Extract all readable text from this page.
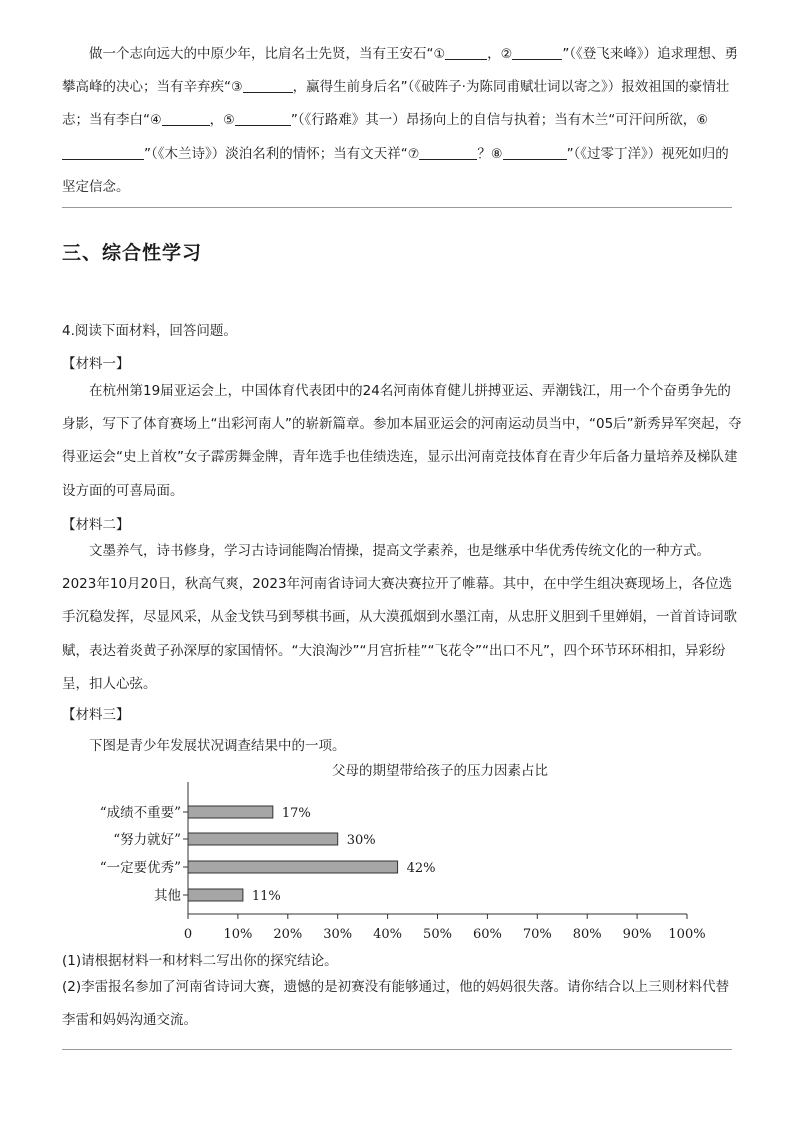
做一个志向远大的中原少年，比肩名士先贤，当有王安石“①	，②	”（《登飞来峰》）追求理想、勇攀高峰的决心；当有辛弃疾“③	，赢得生前身后名”（《破阵子·为陈同甫赋壮词以寄之》）报效祖国的豪情壮志；当有李白“④	，⑤	”（《行路难》其一）昂扬向上的自信与执着；当有木兰“可汗问所欲，⑥”（《木兰诗》）淡泊名利的情怀；当有文天祥“⑦	？⑧	”（《过零丁洋》）视死如归的坚定信念。

三、综合性学习

4.阅读下面材料，回答问题。

【材料一】

在杭州第19届亚运会上，中国体育代表团中的24名河南体育健儿拼搏亚运、弄潮钱江，用一个个奋勇争先的身影，写下了体育赛场上“出彩河南人”的崭新篇章。参加本届亚运会的河南运动员当中，“05后”新秀异军突起，夺得亚运会“史上首枚”女子霹雳舞金牌，青年选手也佳绩迭连，显示出河南竞技体育在青少年后备力量培养及梯队建设方面的可喜局面。

【材料二】

文墨养气，诗书修身，学习古诗词能陶冶情操，提高文学素养，也是继承中华优秀传统文化的一种方式。2023年10月20日，秋高气爽，2023年河南省诗词大赛决赛拉开了帷幕。其中，在中学生组决赛现场上，各位选手沉稳发挥，尽显风采，从金戈铁马到琴棋书画，从大漠孤烟到水墨江南，从忠肝义胆到千里婵娟，一首首诗词歌赋，表达着炎黄子孙深厚的家国情怀。“大浪淘沙”“月宫折桂”“飞花令”“出口不凡”，四个环节环环相扣，异彩纷呈，扣人心弦。

【材料三】

下图是青少年发展状况调查结果中的一项。

父母的期望带给孩子的压力因素占比
0 10% 20% 30% 40% 50% 60% 70% 80% 90% 100%
“成绩不重要”	17%
“努力就好”	30%
“一定要优秀”	42%
其他	11%

(1)请根据材料一和材料二写出你的探究结论。

(2)李雷报名参加了河南省诗词大赛，遗憾的是初赛没有能够通过，他的妈妈很失落。请你结合以上三则材料代替李雷和妈妈沟通交流。
